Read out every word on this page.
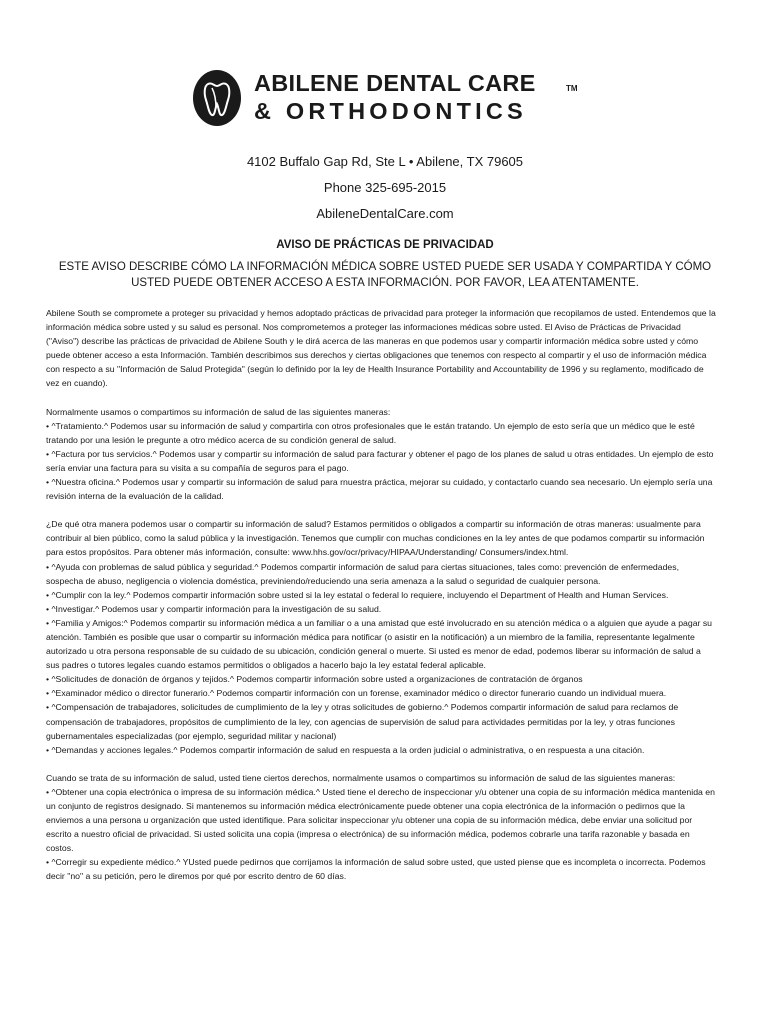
ABILENE DENTAL CARE	TM
& ORTHODONTICS
4102 Buffalo Gap Rd, Ste L • Abilene, TX 79605
Phone 325-695-2015
AbileneDentalCare.com
AVISO DE PRÁCTICAS DE PRIVACIDAD
ESTE AVISO DESCRIBE CÓMO LA INFORMACIÓN MÉDICA SOBRE USTED PUEDE SER USADA Y COMPARTIDA Y CÓMO USTED PUEDE OBTENER ACCESO A ESTA INFORMACIÓN. POR FAVOR, LEA ATENTAMENTE.

Abilene South se compromete a proteger su privacidad y hemos adoptado prácticas de privacidad para proteger la información que recopilamos de usted. Entendemos que la información médica sobre usted y su salud es personal. Nos comprometemos a proteger las informaciones médicas sobre usted. El Aviso de Prácticas de Privacidad ("Aviso") describe las prácticas de privacidad de Abilene South y le dirá acerca de las maneras en que podemos usar y compartir información médica sobre usted y cómo puede obtener acceso a esta Información. También describimos sus derechos y ciertas obligaciones que tenemos con respecto al compartir y el uso de información médica con respecto a su "Información de Salud Protegida" (según lo definido por la ley de Health Insurance Portability and Accountability de 1996 y su reglamento, modificado de vez en cuando).

Normalmente usamos o compartimos su información de salud de las siguientes maneras:

• ^Tratamiento.^ Podemos usar su información de salud y compartirla con otros profesionales que le están tratando. Un ejemplo de esto sería que un médico que le esté tratando por una lesión le pregunte a otro médico acerca de su condición general de salud.

• ^Factura por tus servicios.^ Podemos usar y compartir su información de salud para facturar y obtener el pago de los planes de salud u otras entidades. Un ejemplo de esto sería enviar una factura para su visita a su compañía de seguros para el pago.

• ^Nuestra oficina.^ Podemos usar y compartir su información de salud para rnuestra práctica, mejorar su cuidado, y contactarlo cuando sea necesario. Un ejemplo sería una revisión interna de la evaluación de la calidad.

¿De qué otra manera podemos usar o compartir su información de salud? Estamos permitidos o obligados a compartir su información de otras maneras: usualmente para contribuir al bien público, como la salud pública y la investigación. Tenemos que cumplir con muchas condiciones en la ley antes de que podamos compartir su información para estos propósitos. Para obtener más información, consulte: www.hhs.gov/ocr/privacy/HIPAA/Understanding/ Consumers/index.html.

• ^Ayuda con problemas de salud pública y seguridad.^ Podemos compartir información de salud para ciertas situaciones, tales como: prevención de enfermedades, sospecha de abuso, negligencia o violencia doméstica, previniendo/reduciendo una seria amenaza a la salud o seguridad de cualquier persona.

• ^Cumplir con la ley.^ Podemos compartir información sobre usted si la ley estatal o federal lo requiere, incluyendo el Department of Health and Human Services.

• ^Investigar.^ Podemos usar y compartir información para la investigación de su salud.

• ^Familia y Amigos:^ Podemos compartir su información médica a un familiar o a una amistad que esté involucrado en su atención médica o a alguien que ayude a pagar su atención. También es posible que usar o compartir su información médica para notificar (o asistir en la notificación) a un miembro de la familia, representante legalmente autorizado u otra persona responsable de su cuidado de su ubicación, condición general o muerte. Si usted es menor de edad, podemos liberar su información de salud a sus padres o tutores legales cuando estamos permitidos o obligados a hacerlo bajo la ley estatal federal aplicable.

• ^Solicitudes de donación de órganos y tejidos.^ Podemos compartir información sobre usted a organizaciones de contratación de órganos

• ^Examinador médico o director funerario.^ Podemos compartir información con un forense, examinador médico o director funerario cuando un individual muera.

• ^Compensación de trabajadores, solicitudes de cumplimiento de la ley y otras solicitudes de gobierno.^ Podemos compartir información de salud para reclamos de compensación de trabajadores, propósitos de cumplimiento de la ley, con agencias de supervisión de salud para actividades permitidas por la ley, y otras funciones gubernamentales especializadas (por ejemplo, seguridad militar y nacional)

• ^Demandas y acciones legales.^ Podemos compartir información de salud en respuesta a la orden judicial o administrativa, o en respuesta a una citación.

Cuando se trata de su información de salud, usted tiene ciertos derechos, normalmente usamos o compartimos su información de salud de las siguientes maneras:

• ^Obtener una copia electrónica o impresa de su información médica.^ Usted tiene el derecho de inspeccionar y/u obtener una copia de su información médica mantenida en un conjunto de registros designado. Si mantenemos su información médica electrónicamente puede obtener una copia electrónica de la información o pedirnos que la enviemos a una persona u organización que usted identifique. Para solicitar inspeccionar y/u obtener una copia de su información médica, debe enviar una solicitud por escrito a nuestro oficial de privacidad. Si usted solicita una copia (impresa o electrónica) de su información médica, podemos cobrarle una tarifa razonable y basada en costos.

• ^Corregir su expediente médico.^ YUsted puede pedirnos que corrijamos la información de salud sobre usted, que usted piense que es incompleta o incorrecta. Podemos decir "no" a su petición, pero le diremos por qué por escrito dentro de 60 días.
